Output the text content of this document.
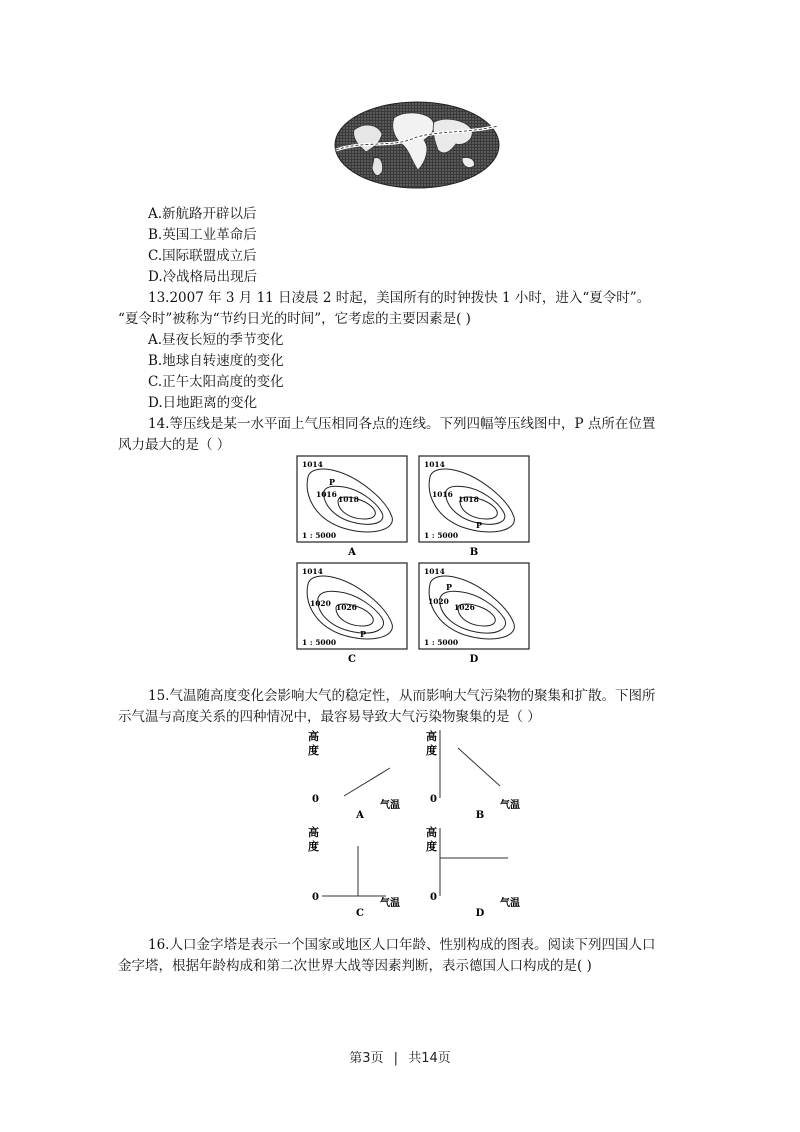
A.新航路开辟以后
B.英国工业革命后
C.国际联盟成立后
D.冷战格局出现后
13.2007 年 3 月 11 日凌晨 2 时起，美国所有的时钟拨快 1 小时，进入“夏令时”。
“夏令时”被称为“节约日光的时间”，它考虑的主要因素是( )
A.昼夜长短的季节变化
B.地球自转速度的变化
C.正午太阳高度的变化
D.日地距离的变化
14.等压线是某一水平面上气压相同各点的连线。下列四幅等压线图中，P 点所在位置
风力最大的是（ ）
1014
1016
1018
P
1 : 5000
A
1014
1016
1018
P
1 : 5000
B
1014
1020 1026
P
1 : 5000
C
1014
1020
1026
P
1 : 5000
D
15.气温随高度变化会影响大气的稳定性，从而影响大气污染物的聚集和扩散。下图所
示气温与高度关系的四种情况中，最容易导致大气污染物聚集的是（ ）
高
度
0
气温
A
高
度
0
气温
B
高
度
0
气温
C
高
度
0
气温
D
16.人口金字塔是表示一个国家或地区人口年龄、性别构成的图表。阅读下列四国人口
金字塔，根据年龄构成和第二次世界大战等因素判断，表示德国人口构成的是( )
第3页 | 共14页
